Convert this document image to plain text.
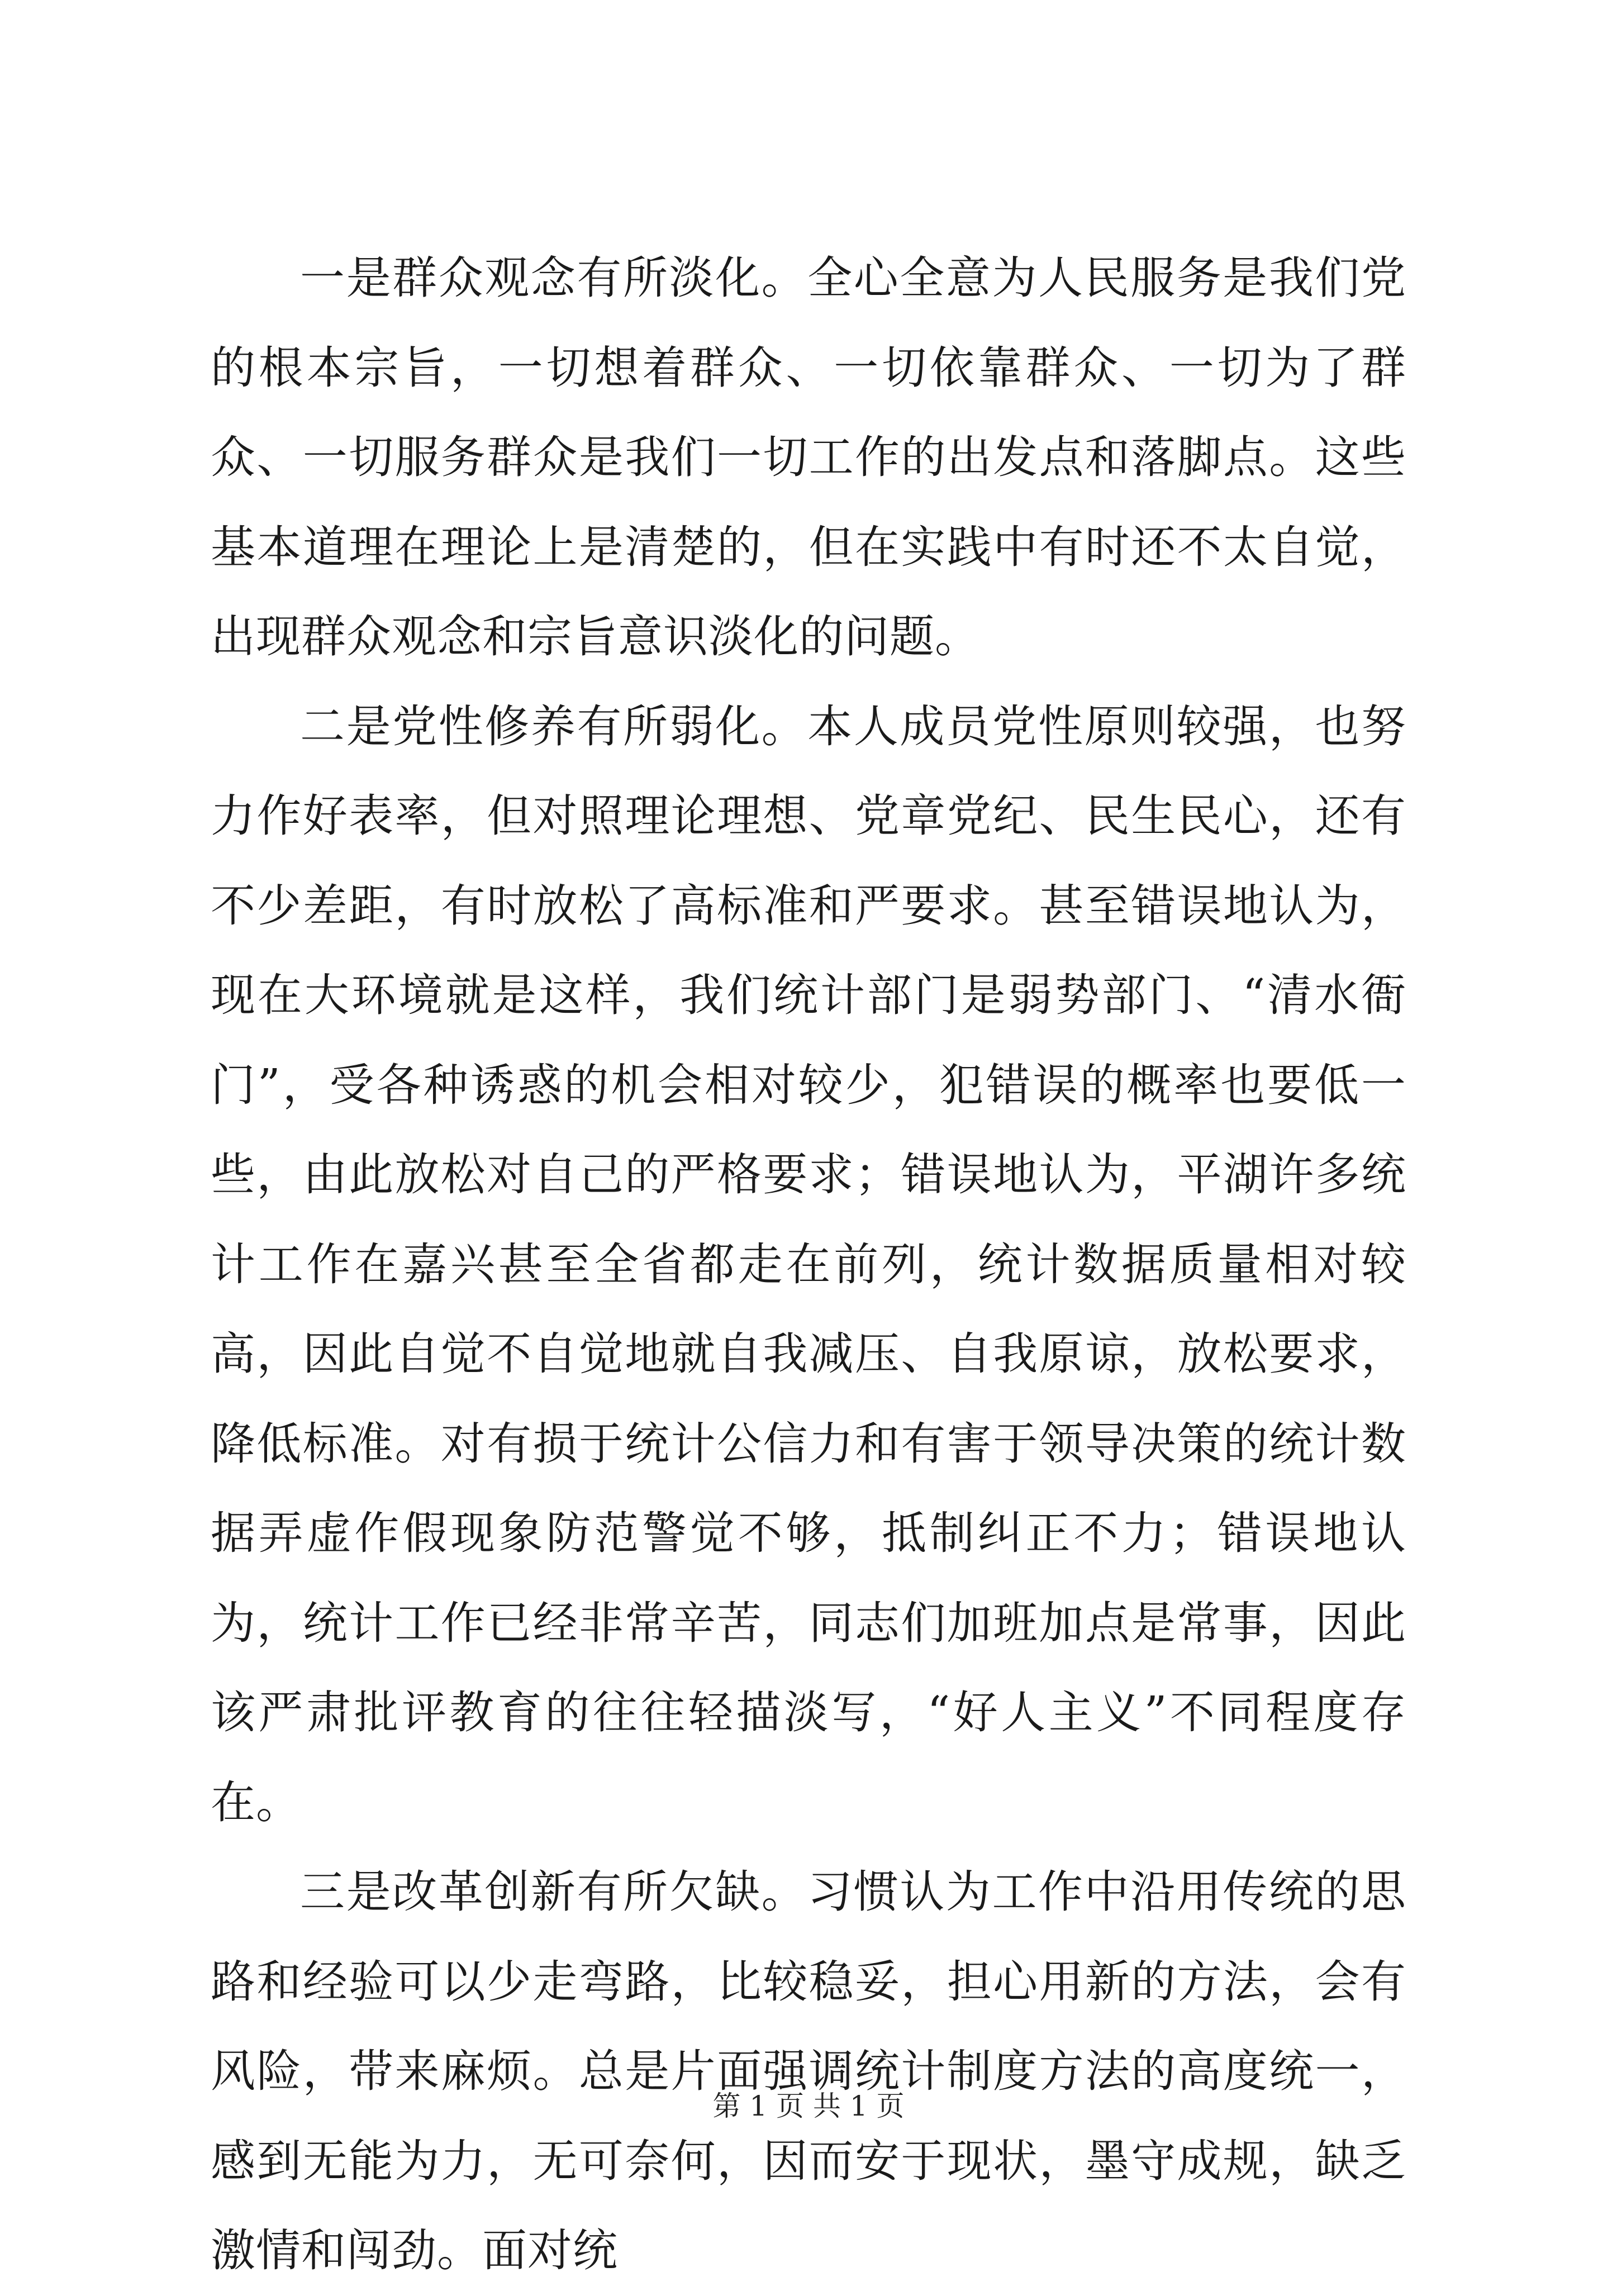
一是群众观念有所淡化。全心全意为人民服务是我们党的根本宗旨，一切想着群众、一切依靠群众、一切为了群众、一切服务群众是我们一切工作的出发点和落脚点。这些基本道理在理论上是清楚的，但在实践中有时还不太自觉，出现群众观念和宗旨意识淡化的问题。

二是党性修养有所弱化。本人成员党性原则较强，也努力作好表率，但对照理论理想、党章党纪、民生民心，还有不少差距，有时放松了高标准和严要求。甚至错误地认为，现在大环境就是这样，我们统计部门是弱势部门、“清水衙门”，受各种诱惑的机会相对较少，犯错误的概率也要低一些，由此放松对自己的严格要求；错误地认为，平湖许多统计工作在嘉兴甚至全省都走在前列，统计数据质量相对较高，因此自觉不自觉地就自我减压、自我原谅，放松要求，降低标准。对有损于统计公信力和有害于领导决策的统计数据弄虚作假现象防范警觉不够，抵制纠正不力；错误地认为，统计工作已经非常辛苦，同志们加班加点是常事，因此该严肃批评教育的往往轻描淡写，“好人主义”不同程度存在。

三是改革创新有所欠缺。习惯认为工作中沿用传统的思路和经验可以少走弯路，比较稳妥，担心用新的方法，会有风险，带来麻烦。总是片面强调统计制度方法的高度统一，感到无能为力，无可奈何，因而安于现状，墨守成规，缺乏激情和闯劲。面对统

第 1 页 共 1 页
